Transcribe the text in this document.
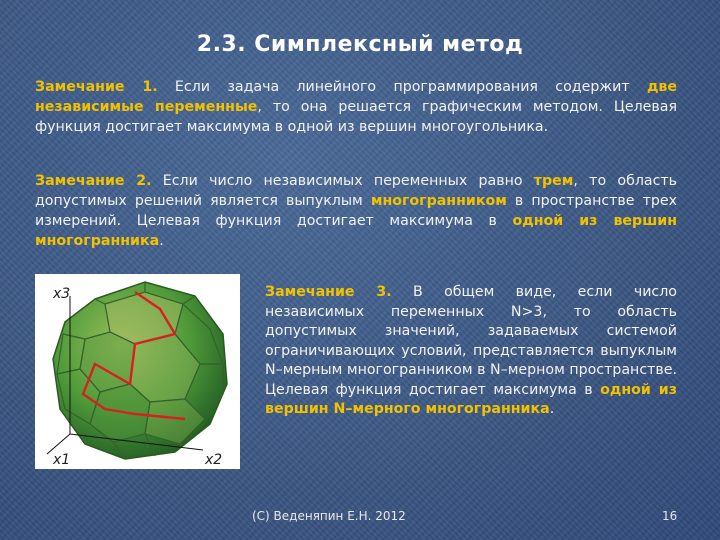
2.3. Симплексный метод
Замечание 1. Если задача линейного программирования содержит две независимые переменные, то она решается графическим методом. Целевая функция достигает максимума в одной из вершин многоугольника.
Замечание 2. Если число независимых переменных равно трем, то область допустимых решений является выпуклым многогранником в пространстве трех измерений. Целевая функция достигает максимума в одной из вершин многогранника.
x3
x1	x2
Замечание 3. В общем виде, если число независимых переменных N>3, то область допустимых значений, задаваемых системой ограничивающих условий, представляется выпуклым N–мерным многогранником в N–мерном пространстве. Целевая функция достигает максимума в одной из вершин N–мерного многогранника.
(C) Веденяпин Е.Н. 2012	16
